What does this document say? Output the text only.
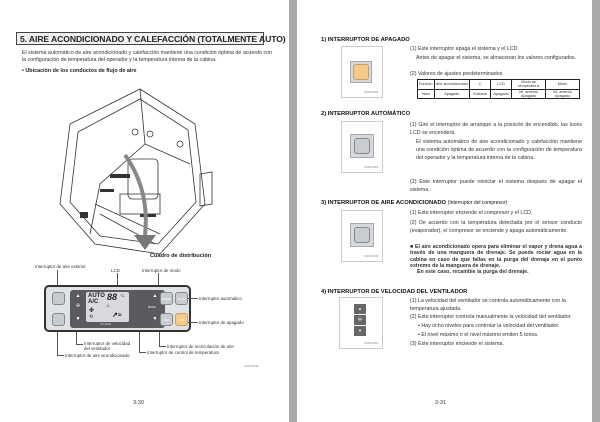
5. AIRE ACONDICIONADO Y CALEFACCIÓN (TOTALMENTE AUTO)
El sistema automático de aire acondicionado y calefacción mantiene una condición óptima de acuerdo con la configuración de temperatura del operador y la temperatura interna de la cabina.
• Ubicación de los conductos de flujo de aire
Cuadro de distribución
Interruptor de aire exterior
LCD	Interruptor de modo
▲
✣
▼
AUTO
A/C 88 °C
✤
⟲
♨
↗≈
HYUNDAI
▲
MODE
▼
MODE AUTO
REC	OFF
Interruptor automático
Interruptor de apagado
Interruptor de velocidad del ventilador
Interruptor de aire acondicionado
Interruptor de recirculación de aire
Interruptor de control de temperatura
3182CD48
3-30
1) INTERRUPTOR DE APAGADO
3182CD28
(1) Este interruptor apaga el sistema y el LCD.
Antes de apagar el sistema, se almacenan los valores configurados.
(2) Valores de ajustes predeterminados
Función	Aire acondicionado	C	LCD	Modo de temperatura	Modo
Valor	Apagado	Entrada	Apagado	Inf. anterior Apagado	Inf. anterior Apagado
2) INTERRUPTOR AUTOMÁTICO
3182CD29
(1) Gire el interruptor de arranque a la posición de encendido, las luces LCD se encenderá.
El sistema automático de aire acondicionado y calefacción mantiene una condición óptima de acuerdo con la configuración de temperatura del operador y la temperatura interna de la cabina.
(2) Este interruptor puede reiniciar el sistema después de apagar el sistema.
3) INTERRUPTOR DE AIRE ACONDICIONADO (Interruptor del compresor)
3182CD30
(1) Este interruptor enciende el compresor y el LCD.
(2) De acuerdo con la temperatura detectada por el sensor conducto (evaporador), el compresor se enciende y apaga automáticamente.
■ El aire acondicionado opera para eliminar el vapor y drena agua a través de una manguera de drenaje. Se puede rociar agua en la cabina en caso de que fallas en la purga del drenaje en el punto extremo de la manguera de drenaje.
En este caso, recambie la purga del drenaje.
4) INTERRUPTOR DE VELOCIDAD DEL VENTILADOR
▲
✣
▼
3182CD31
(1) La velocidad del ventilador se controla automáticamente con la temperatura ajustada.
(2) Este interruptor controla manualmente la velocidad del ventilador.
• Hay ocho niveles para controlar la velocidad del ventilador.
• El nivel máximo o el nivel máximo emiten 5 tonos.
(3) Este interruptor enciende el sistema.
3-31
